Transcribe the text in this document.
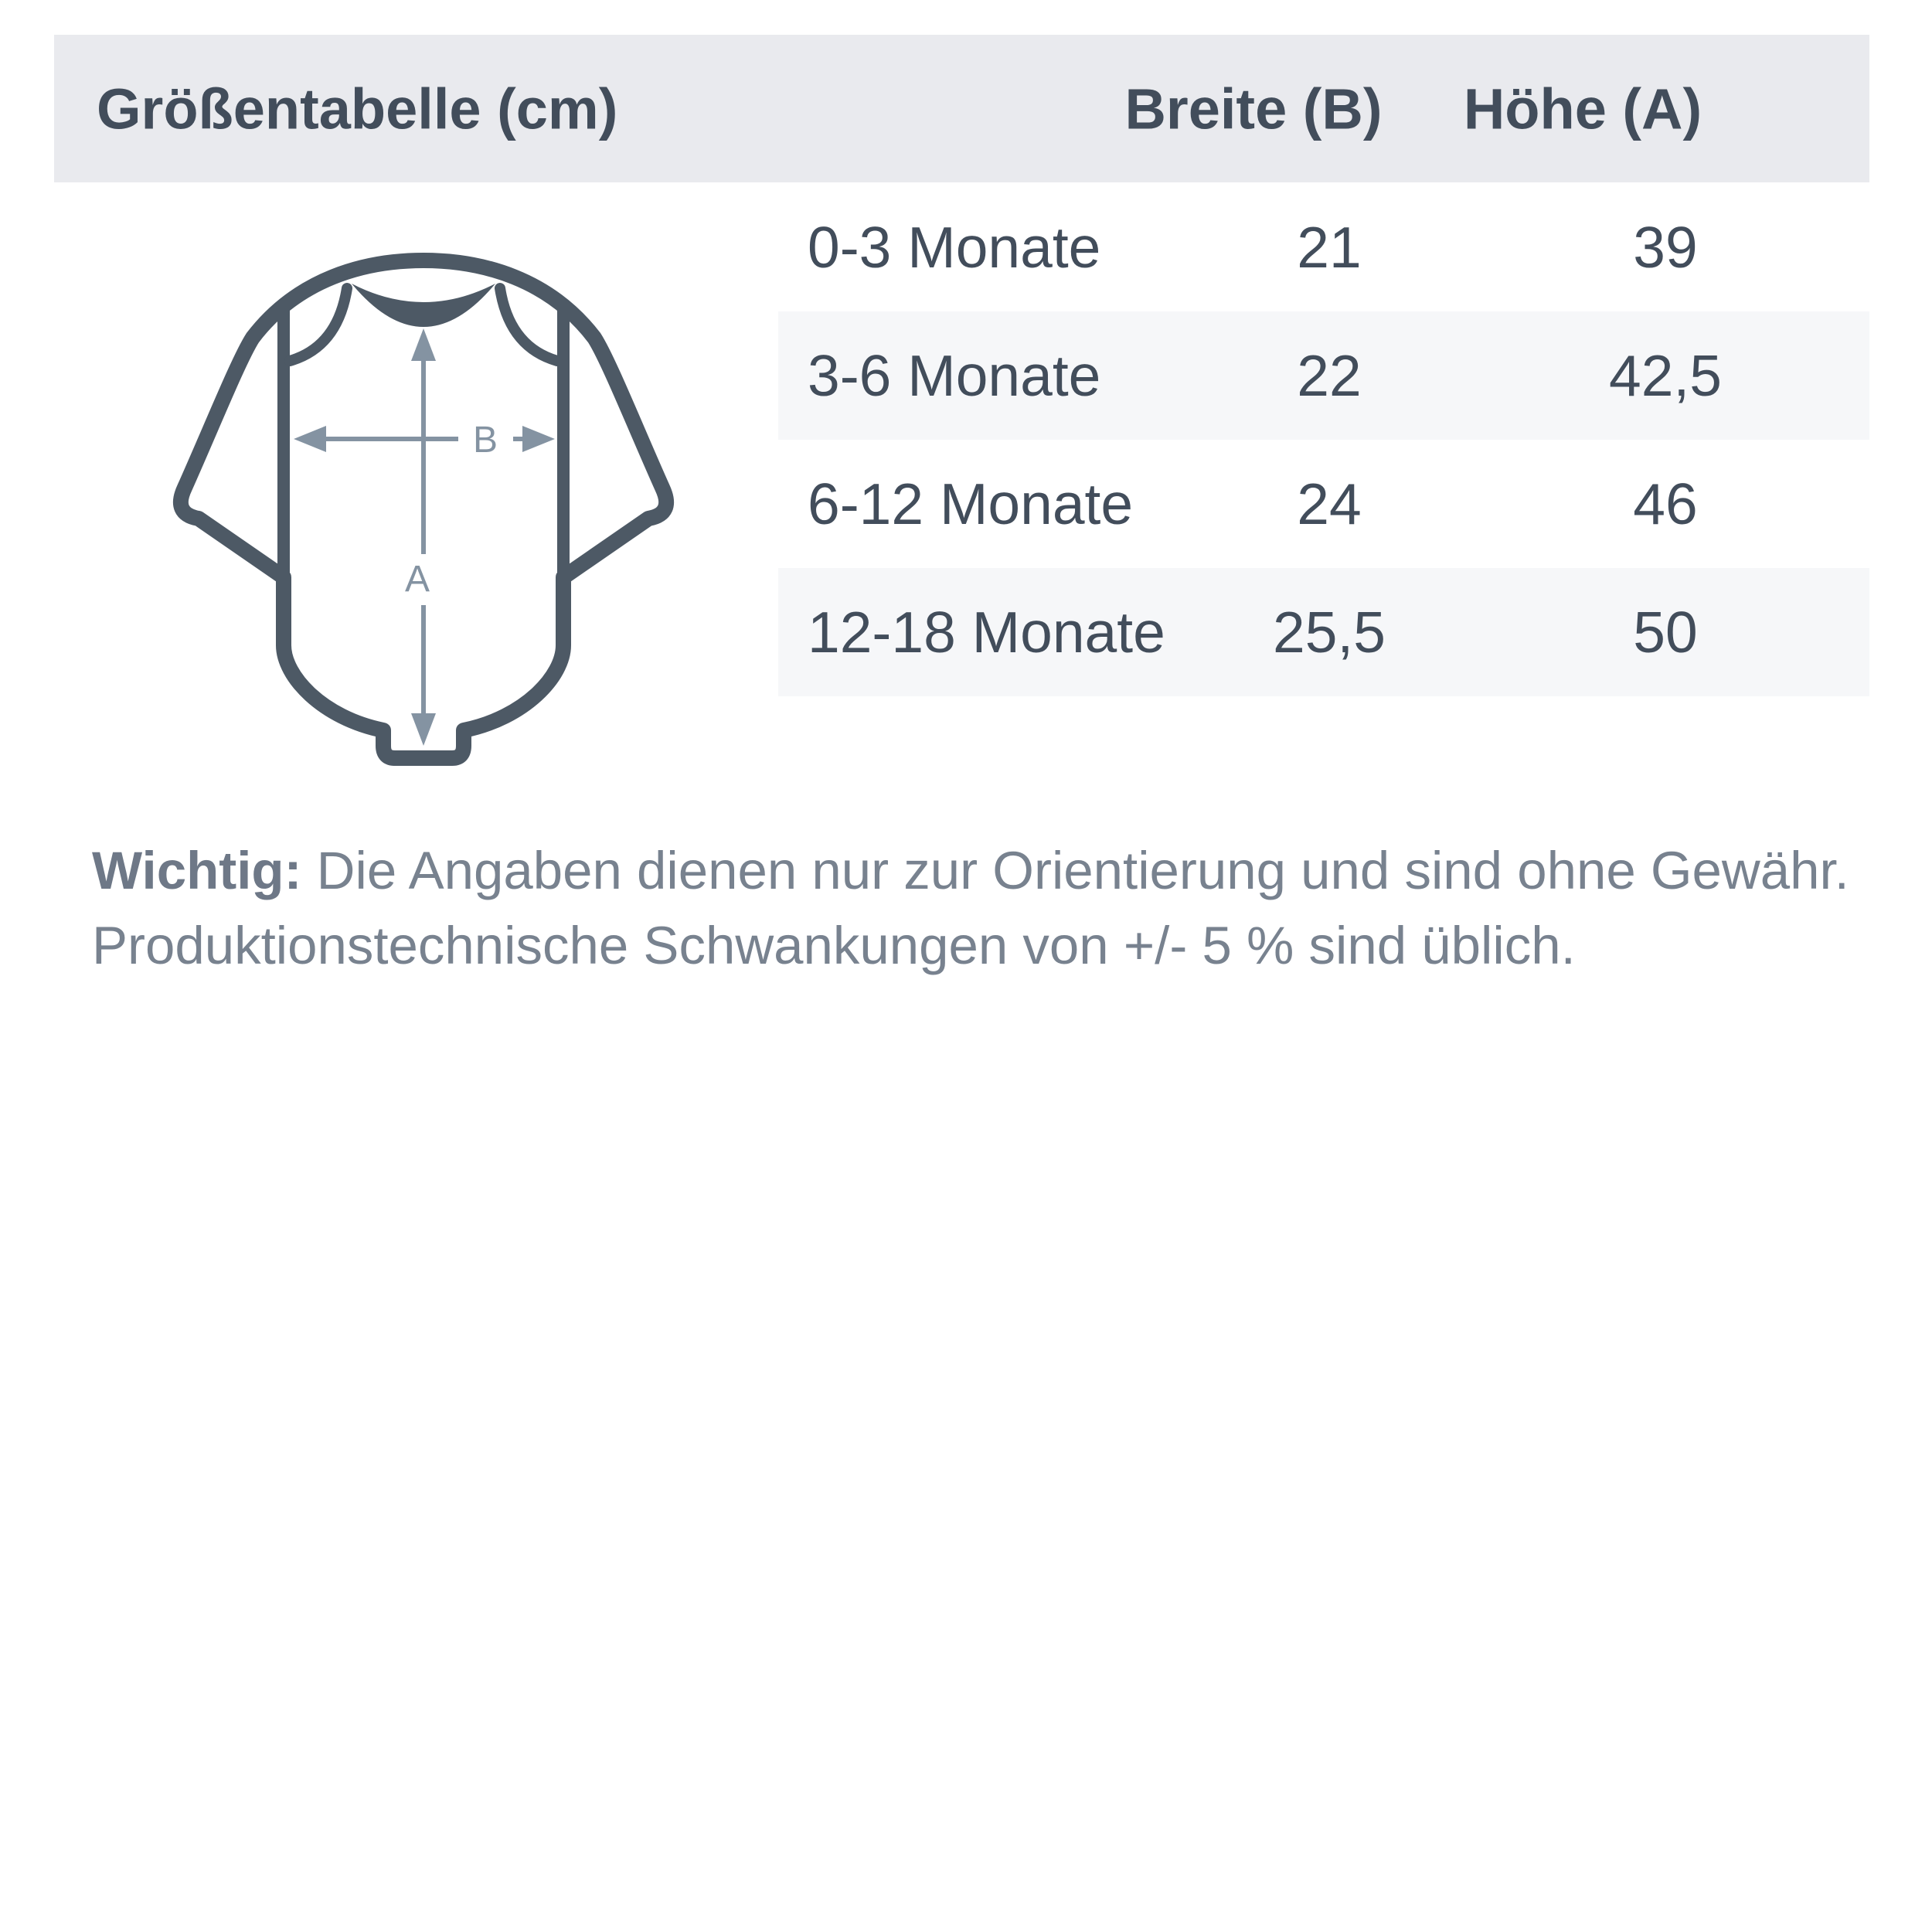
Größentabelle (cm)	Breite (B) Höhe (A)
A
B
0-3 Monate	21	39
3-6 Monate	22	42,5
6-12 Monate	24	46
12-18 Monate 25,5	50
Wichtig: Die Angaben dienen nur zur Orientierung und sind ohne Gewähr.
Produktionstechnische Schwankungen von +/- 5 % sind üblich.
